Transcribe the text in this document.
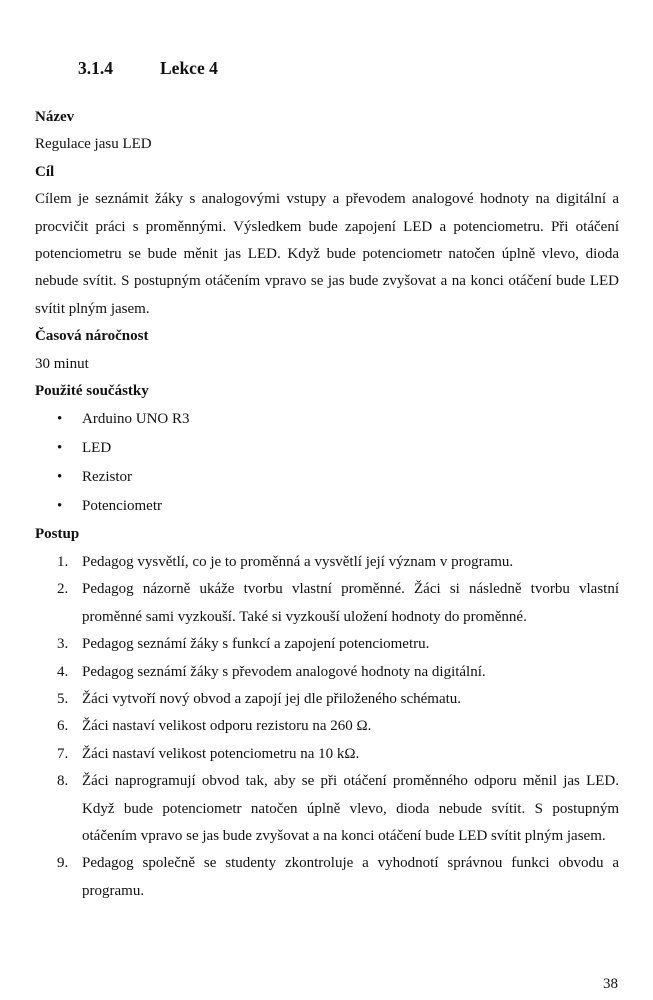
3.1.4	Lekce 4
Název
Regulace jasu LED
Cíl
Cílem je seznámit žáky s analogovými vstupy a převodem analogové hodnoty na digitální a procvičit práci s proměnnými. Výsledkem bude zapojení LED a potenciometru. Při otáčení potenciometru se bude měnit jas LED. Když bude potenciometr natočen úplně vlevo, dioda nebude svítit. S postupným otáčením vpravo se jas bude zvyšovat a na konci otáčení bude LED svítit plným jasem.
Časová náročnost
30 minut
Použité součástky
• Arduino UNO R3
• LED
• Rezistor
• Potenciometr
Postup
1. Pedagog vysvětlí, co je to proměnná a vysvětlí její význam v programu.
2. Pedagog názorně ukáže tvorbu vlastní proměnné. Žáci si následně tvorbu vlastní proměnné sami vyzkouší. Také si vyzkouší uložení hodnoty do proměnné.
3. Pedagog seznámí žáky s funkcí a zapojení potenciometru.
4. Pedagog seznámí žáky s převodem analogové hodnoty na digitální.
5. Žáci vytvoří nový obvod a zapojí jej dle přiloženého schématu.
6. Žáci nastaví velikost odporu rezistoru na 260 Ω.
7. Žáci nastaví velikost potenciometru na 10 kΩ.
8. Žáci naprogramují obvod tak, aby se při otáčení proměnného odporu měnil jas LED. Když bude potenciometr natočen úplně vlevo, dioda nebude svítit. S postupným otáčením vpravo se jas bude zvyšovat a na konci otáčení bude LED svítit plným jasem.
9. Pedagog společně se studenty zkontroluje a vyhodnotí správnou funkci obvodu a programu.
38
